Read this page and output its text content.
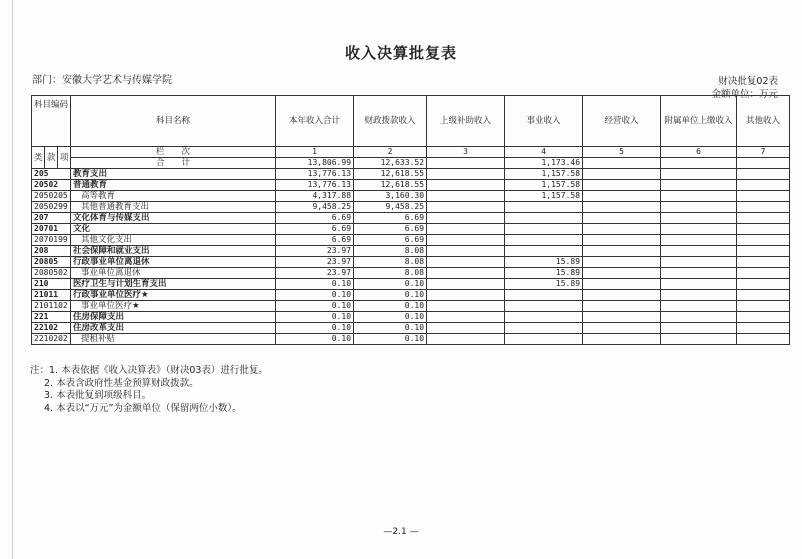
收入决算批复表
部门：安徽大学艺术与传媒学院	财决批复02表
金额单位：万元
科目编码			科目名称	本年收入合计	财政拨款收入	上级补助收入	事业收入	经营收入	附属单位上缴收入	其他收入
类	款	项								
			栏　　次	1	2	3	4	5	6	7
			合　　计	13,806.99	12,633.52		1,173.46			
205			教育支出	13,776.13	12,618.55		1,157.58			
20502			普通教育	13,776.13	12,618.55		1,157.58			
2050205			高等教育	4,317.88	3,160.30		1,157.58			
2050299			其他普通教育支出	9,458.25	9,458.25					
207			文化体育与传媒支出	6.69	6.69					
20701			文化	6.69	6.69					
2070199			其他文化支出	6.69	6.69					
208			社会保障和就业支出	23.97	8.08					
20805			行政事业单位离退休	23.97	8.08		15.89			
2080502			事业单位离退休	23.97	8.08		15.89			
210			医疗卫生与计划生育支出	0.10	0.10		15.89			
21011			行政事业单位医疗★	0.10	0.10					
2101102			事业单位医疗★	0.10	0.10					
221			住房保障支出	0.10	0.10					
22102			住房改革支出	0.10	0.10					
2210202			提租补贴	0.10	0.10					
注：1. 本表依据《收入决算表》（财决03表）进行批复。
2. 本表含政府性基金预算财政拨款。
3. 本表批复到项级科目。
4. 本表以“万元”为金额单位（保留两位小数）。
—2.1 —
